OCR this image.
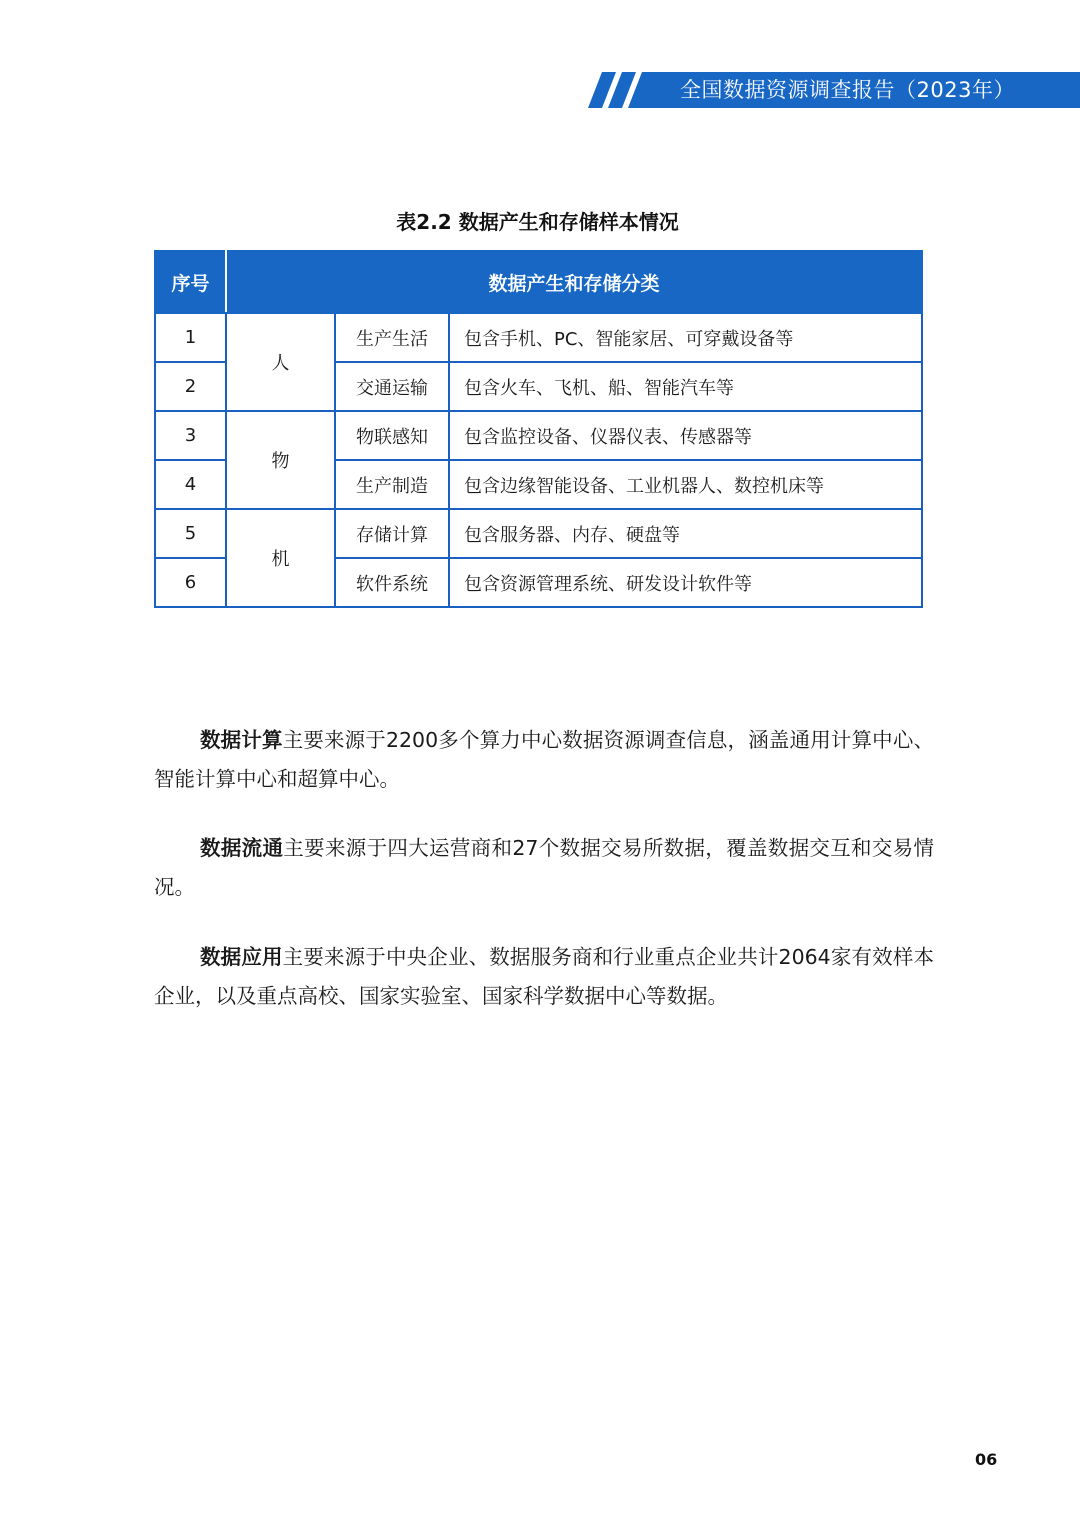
全国数据资源调查报告（2023年）
表2.2 数据产生和存储样本情况
序号	数据产生和存储分类		
1	人	生产生活	包含手机、PC、智能家居、可穿戴设备等
2		交通运输	包含火车、飞机、船、智能汽车等
3	物	物联感知	包含监控设备、仪器仪表、传感器等
4		生产制造	包含边缘智能设备、工业机器人、数控机床等
5	机	存储计算	包含服务器、内存、硬盘等
6		软件系统	包含资源管理系统、研发设计软件等

数据计算主要来源于2200多个算力中心数据资源调查信息，涵盖通用计算中心、智能计算中心和超算中心。

数据流通主要来源于四大运营商和27个数据交易所数据，覆盖数据交互和交易情况。

数据应用主要来源于中央企业、数据服务商和行业重点企业共计2064家有效样本企业，以及重点高校、国家实验室、国家科学数据中心等数据。

06
